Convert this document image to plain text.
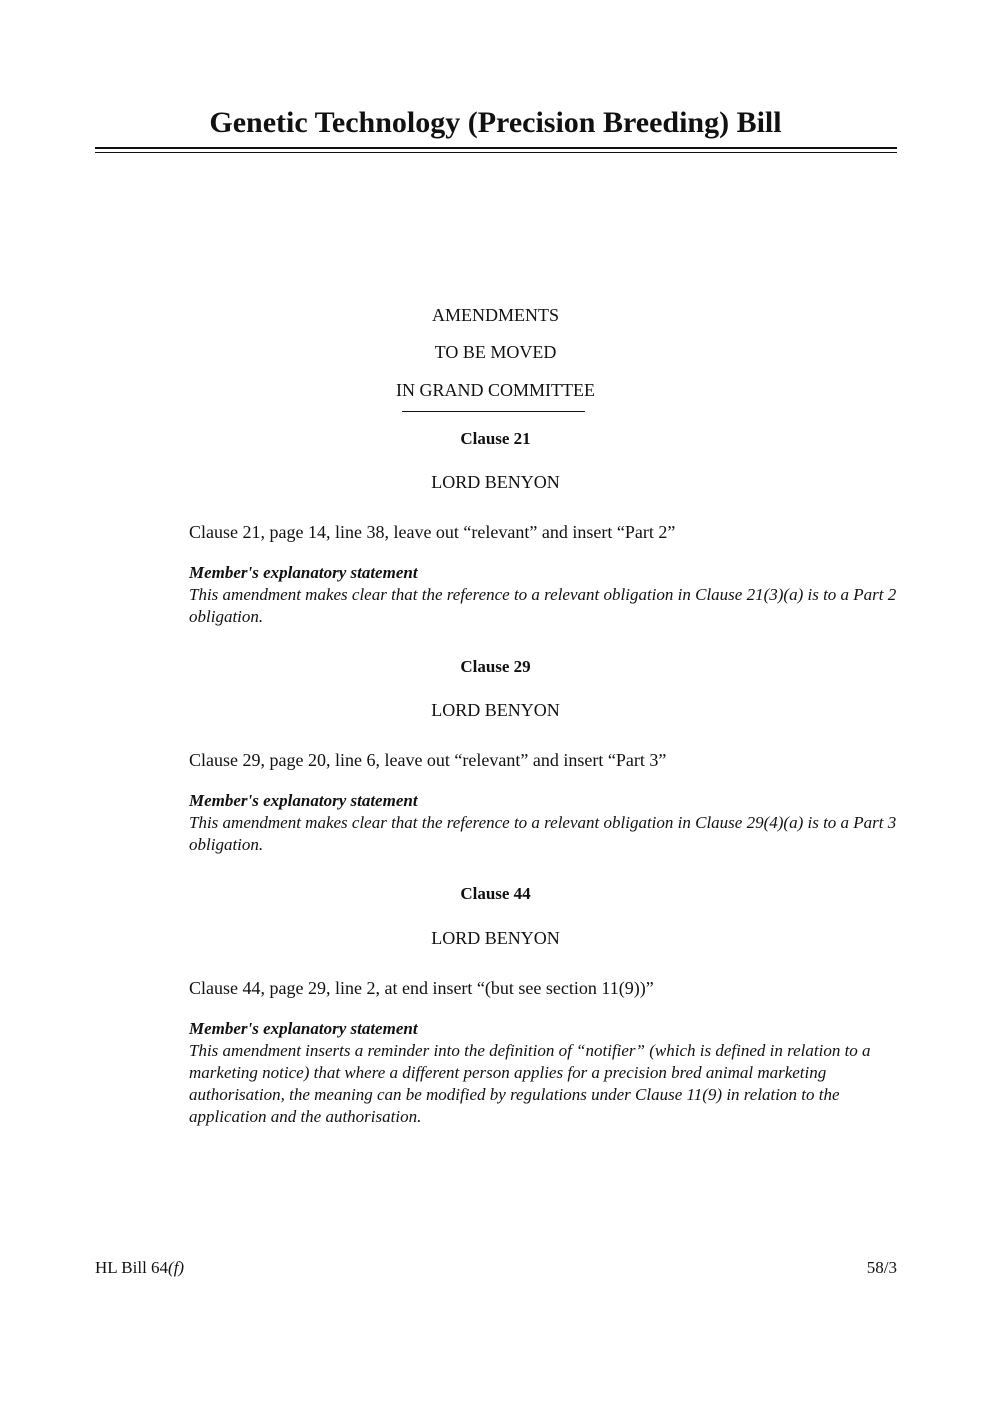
Genetic Technology (Precision Breeding) Bill
AMENDMENTS
TO BE MOVED
IN GRAND COMMITTEE
Clause 21
LORD BENYON
Clause 21, page 14, line 38, leave out “relevant” and insert “Part 2”
Member's explanatory statement
This amendment makes clear that the reference to a relevant obligation in Clause 21(3)(a) is to a Part 2 obligation.
Clause 29
LORD BENYON
Clause 29, page 20, line 6, leave out “relevant” and insert “Part 3”
Member's explanatory statement
This amendment makes clear that the reference to a relevant obligation in Clause 29(4)(a) is to a Part 3 obligation.
Clause 44
LORD BENYON
Clause 44, page 29, line 2, at end insert “(but see section 11(9))”
Member's explanatory statement
This amendment inserts a reminder into the definition of “notifier” (which is defined in relation to a marketing notice) that where a different person applies for a precision bred animal marketing authorisation, the meaning can be modified by regulations under Clause 11(9) in relation to the application and the authorisation.
HL Bill 64(f)	58/3
